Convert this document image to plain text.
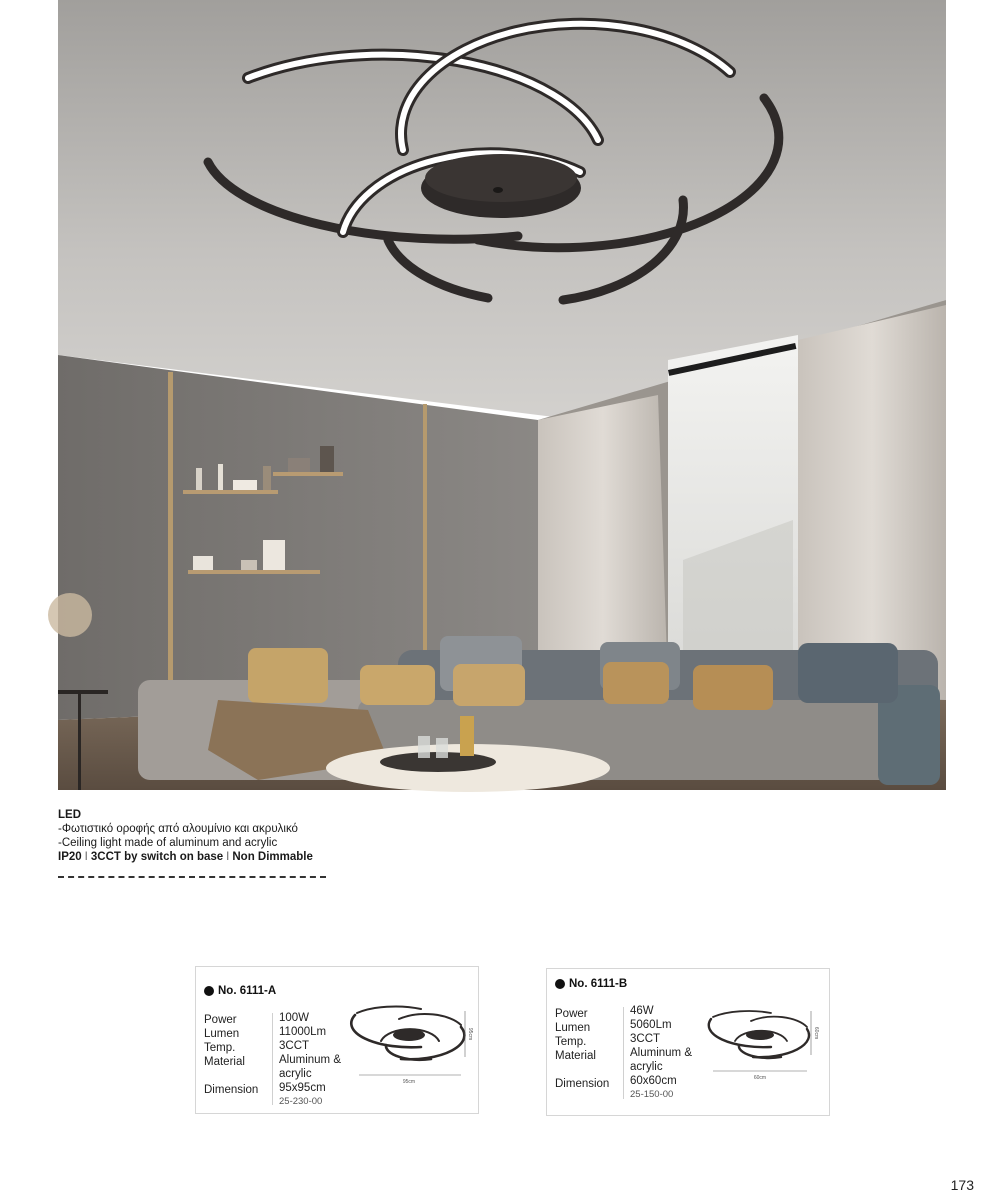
LED
-Φωτιστικό οροφής από αλουμίνιο και ακρυλικό
-Ceiling light made of aluminum and acrylic
IP20 I 3CCT by switch on base I Non Dimmable
No. 6111-A
Power
Lumen
Temp.
Material
Dimension
100W
11000Lm
3CCT
Aluminum &
acrylic
95x95cm
25-230-00
95cm
95cm
No. 6111-B
Power
Lumen
Temp.
Material
Dimension
46W
5060Lm
3CCT
Aluminum &
acrylic
60x60cm
25-150-00
60cm
60cm
173
